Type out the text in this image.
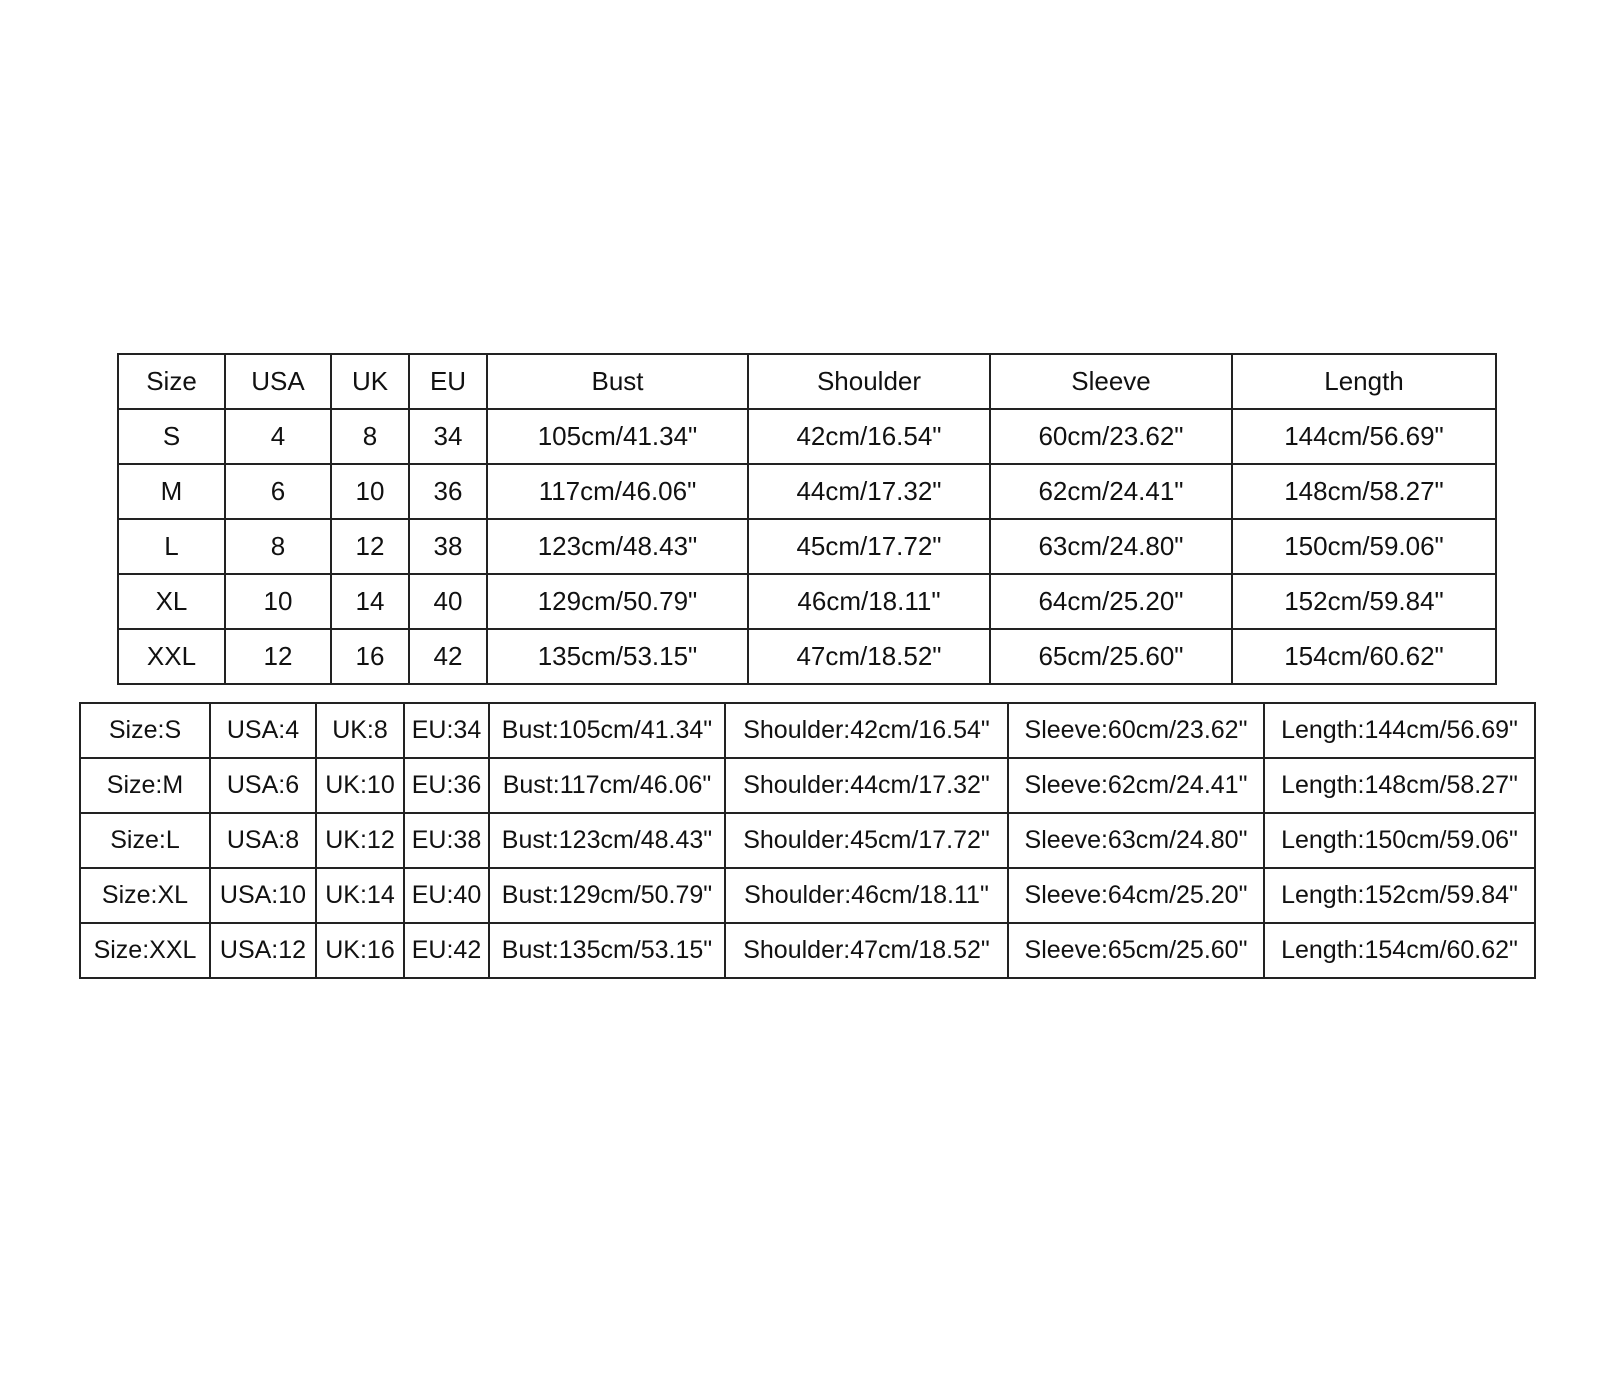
Size	USA	UK	EU	Bust	Shoulder	Sleeve	Length
S	4	8	34	105cm/41.34"	42cm/16.54"	60cm/23.62"	144cm/56.69"
M	6	10	36	117cm/46.06"	44cm/17.32"	62cm/24.41"	148cm/58.27"
L	8	12	38	123cm/48.43"	45cm/17.72"	63cm/24.80"	150cm/59.06"
XL	10	14	40	129cm/50.79"	46cm/18.11"	64cm/25.20"	152cm/59.84"
XXL	12	16	42	135cm/53.15"	47cm/18.52"	65cm/25.60"	154cm/60.62"
Size:S	USA:4	UK:8	EU:34	Bust:105cm/41.34"	Shoulder:42cm/16.54"	Sleeve:60cm/23.62"	Length:144cm/56.69"
Size:M	USA:6	UK:10	EU:36	Bust:117cm/46.06"	Shoulder:44cm/17.32"	Sleeve:62cm/24.41"	Length:148cm/58.27"
Size:L	USA:8	UK:12	EU:38	Bust:123cm/48.43"	Shoulder:45cm/17.72"	Sleeve:63cm/24.80"	Length:150cm/59.06"
Size:XL	USA:10	UK:14	EU:40	Bust:129cm/50.79"	Shoulder:46cm/18.11"	Sleeve:64cm/25.20"	Length:152cm/59.84"
Size:XXL	USA:12	UK:16	EU:42	Bust:135cm/53.15"	Shoulder:47cm/18.52"	Sleeve:65cm/25.60"	Length:154cm/60.62"
